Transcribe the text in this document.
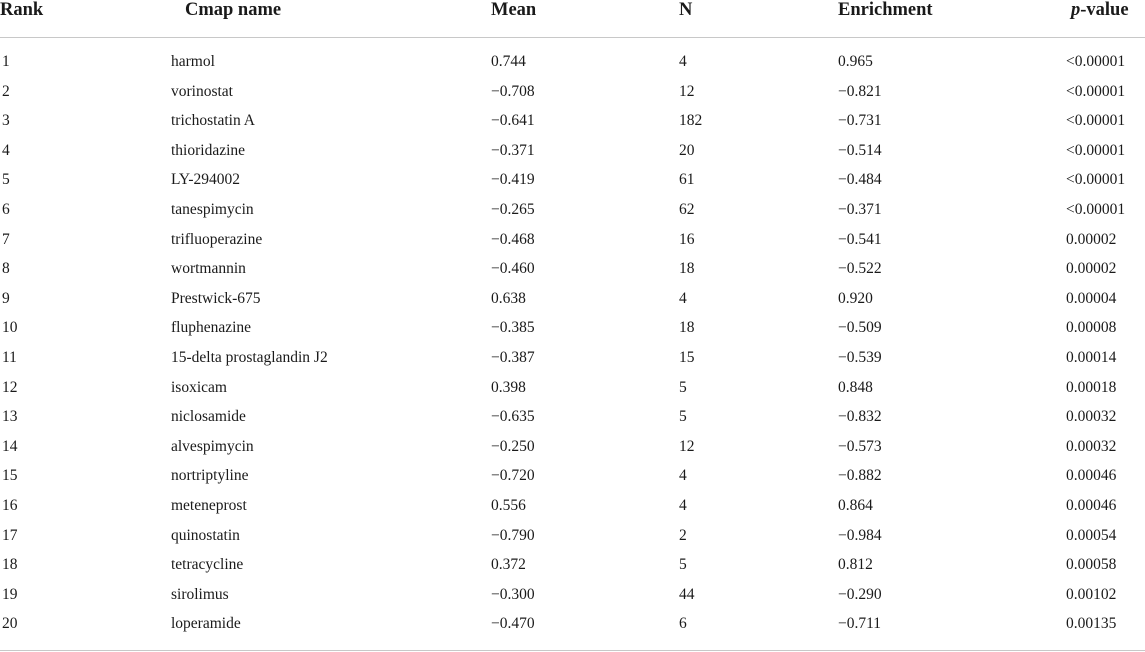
Rank	Cmap name	Mean	N	Enrichment	p-value
1	harmol	0.744	4	0.965	<0.00001
2	vorinostat	−0.708	12	−0.821	<0.00001
3	trichostatin A	−0.641	182	−0.731	<0.00001
4	thioridazine	−0.371	20	−0.514	<0.00001
5	LY-294002	−0.419	61	−0.484	<0.00001
6	tanespimycin	−0.265	62	−0.371	<0.00001
7	trifluoperazine	−0.468	16	−0.541	0.00002
8	wortmannin	−0.460	18	−0.522	0.00002
9	Prestwick-675	0.638	4	0.920	0.00004
10	fluphenazine	−0.385	18	−0.509	0.00008
11	15-delta prostaglandin J2	−0.387	15	−0.539	0.00014
12	isoxicam	0.398	5	0.848	0.00018
13	niclosamide	−0.635	5	−0.832	0.00032
14	alvespimycin	−0.250	12	−0.573	0.00032
15	nortriptyline	−0.720	4	−0.882	0.00046
16	meteneprost	0.556	4	0.864	0.00046
17	quinostatin	−0.790	2	−0.984	0.00054
18	tetracycline	0.372	5	0.812	0.00058
19	sirolimus	−0.300	44	−0.290	0.00102
20	loperamide	−0.470	6	−0.711	0.00135
